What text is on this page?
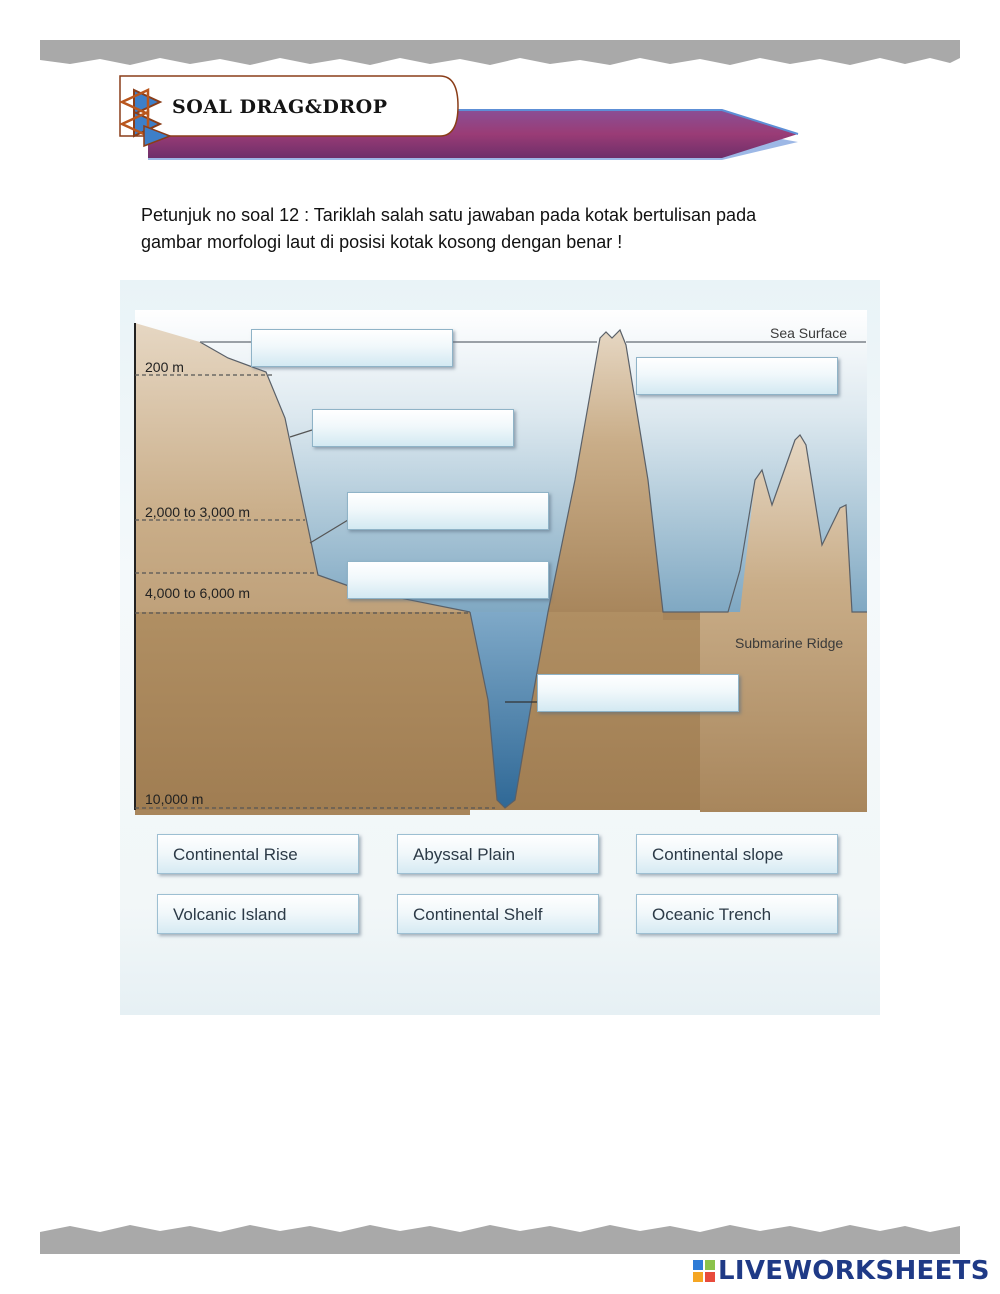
SOAL DRAG&DROP
Petunjuk no soal 12 : Tariklah salah satu jawaban pada kotak bertulisan pada
gambar morfologi laut di posisi kotak kosong dengan benar !
200 m
2,000 to 3,000 m
4,000 to 6,000 m
10,000 m
Sea Surface
Submarine Ridge
Continental Rise	Abyssal Plain	Continental slope
Volcanic Island	Continental Shelf	Oceanic Trench
LIVEWORKSHEETS
